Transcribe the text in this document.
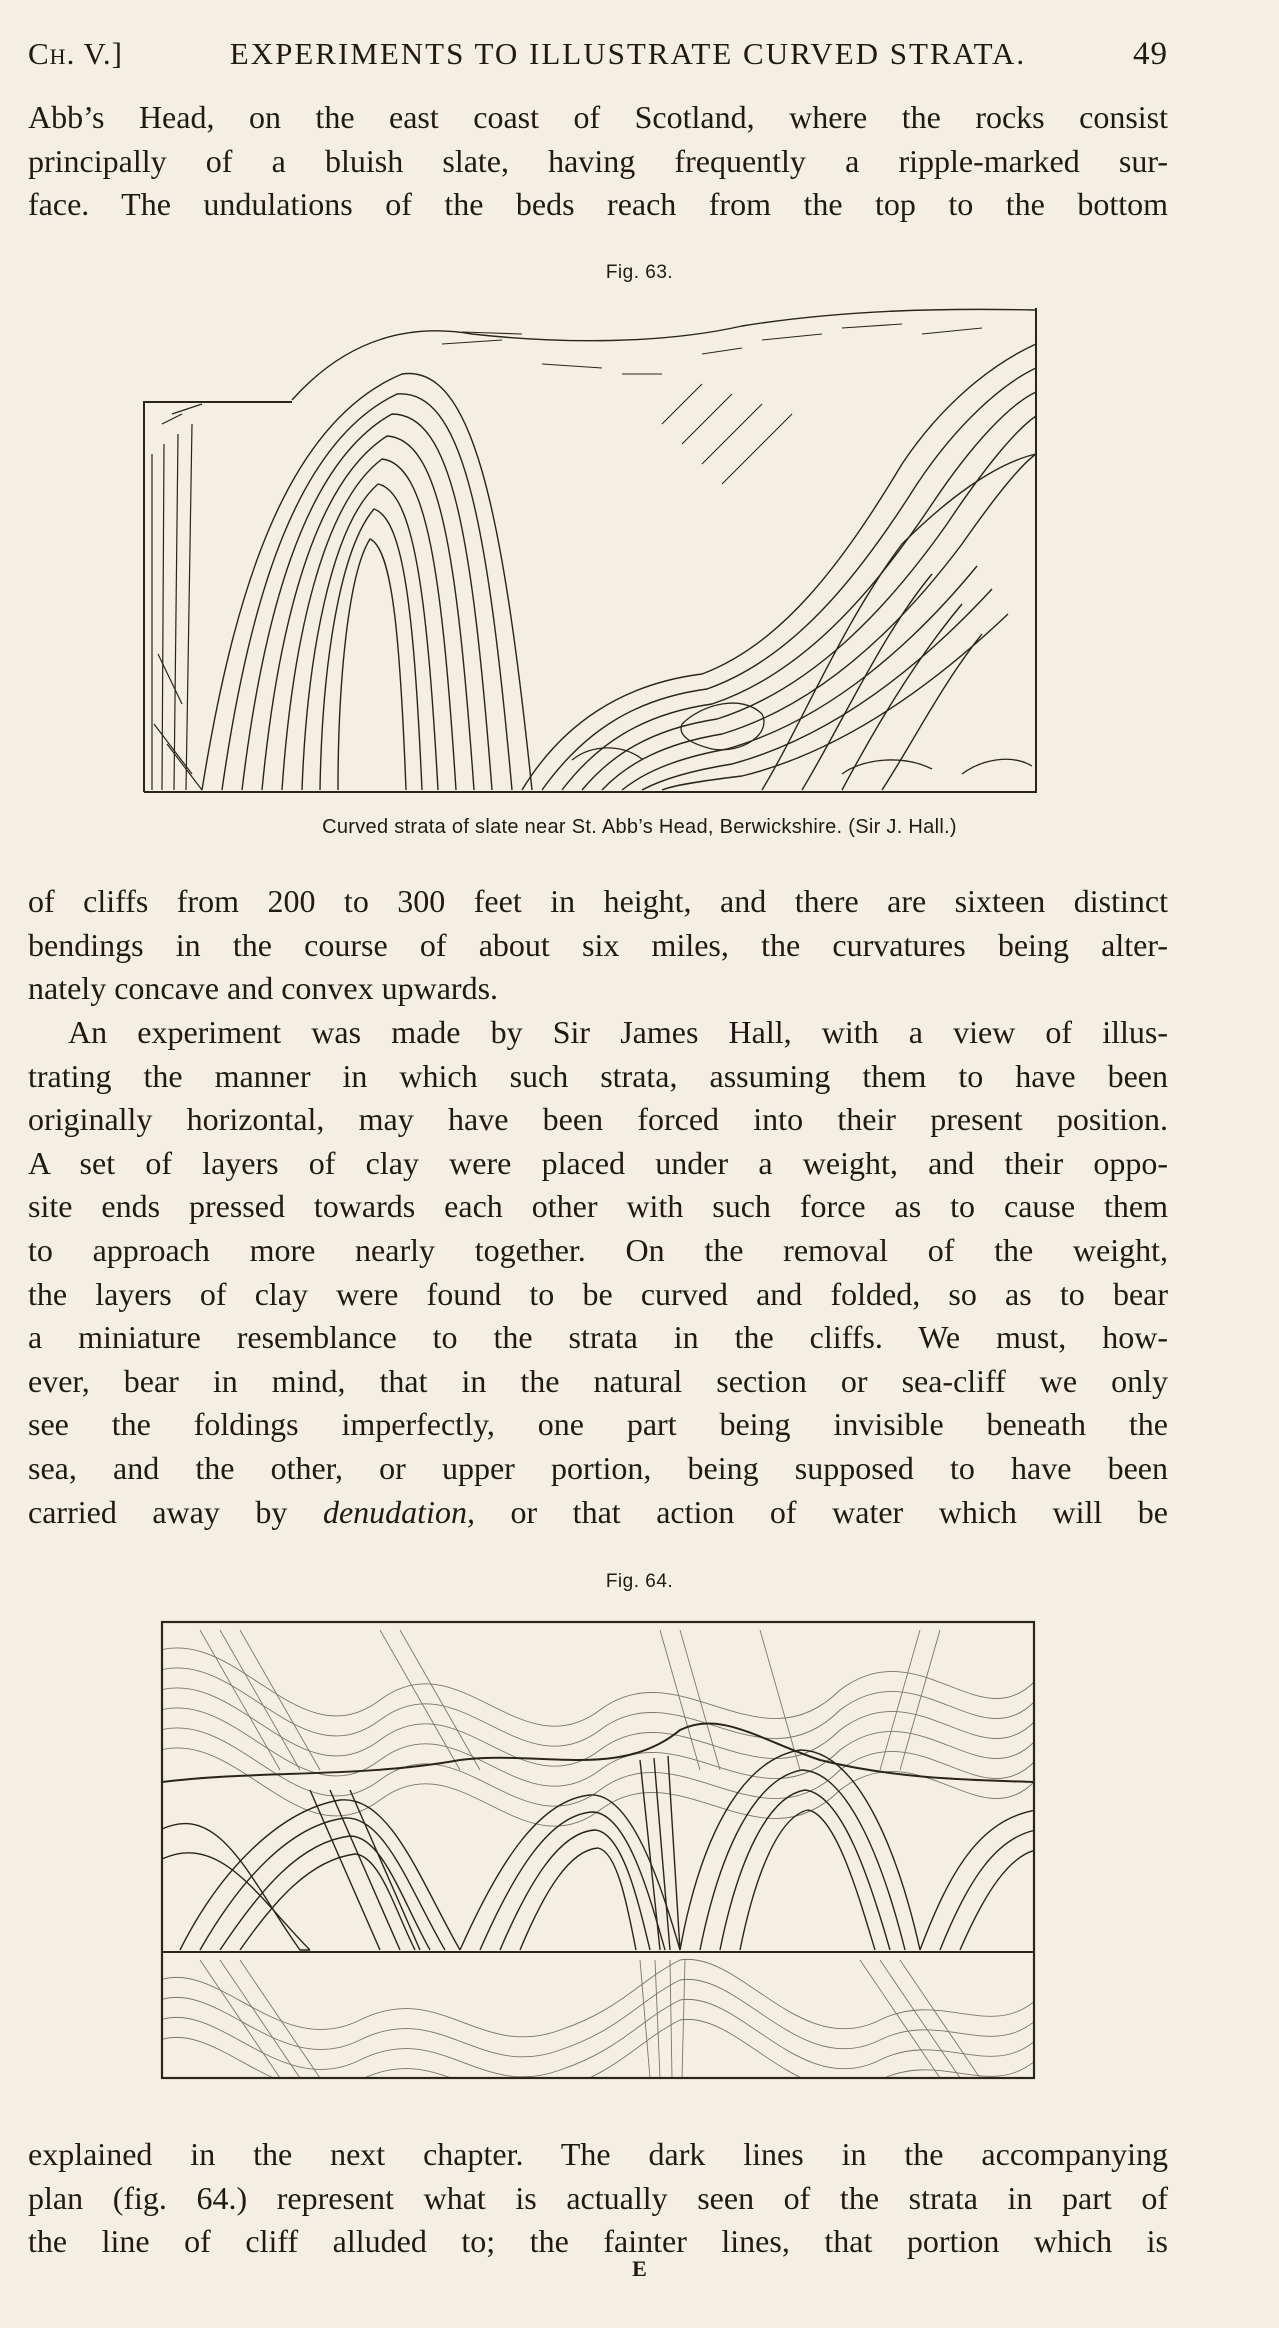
Ch. V.]	EXPERIMENTS TO ILLUSTRATE CURVED STRATA.	49

Abb’s Head, on the east coast of Scotland, where the rocks consist
principally of a bluish slate, having frequently a ripple-marked sur-
face. The undulations of the beds reach from the top to the bottom

Fig. 63.
Curved strata of slate near St. Abb’s Head, Berwickshire. (Sir J. Hall.)

of cliffs from 200 to 300 feet in height, and there are sixteen distinct
bendings in the course of about six miles, the curvatures being alter-
nately concave and convex upwards.

An experiment was made by Sir James Hall, with a view of illus-
trating the manner in which such strata, assuming them to have been
originally horizontal, may have been forced into their present position.
A set of layers of clay were placed under a weight, and their oppo-
site ends pressed towards each other with such force as to cause them
to approach more nearly together. On the removal of the weight,
the layers of clay were found to be curved and folded, so as to bear
a miniature resemblance to the strata in the cliffs. We must, how-
ever, bear in mind, that in the natural section or sea-cliff we only
see the foldings imperfectly, one part being invisible beneath the
sea, and the other, or upper portion, being supposed to have been
carried away by denudation, or that action of water which will be

Fig. 64.

explained in the next chapter. The dark lines in the accompanying
plan (fig. 64.) represent what is actually seen of the strata in part of
the line of cliff alluded to; the fainter lines, that portion which is

E
